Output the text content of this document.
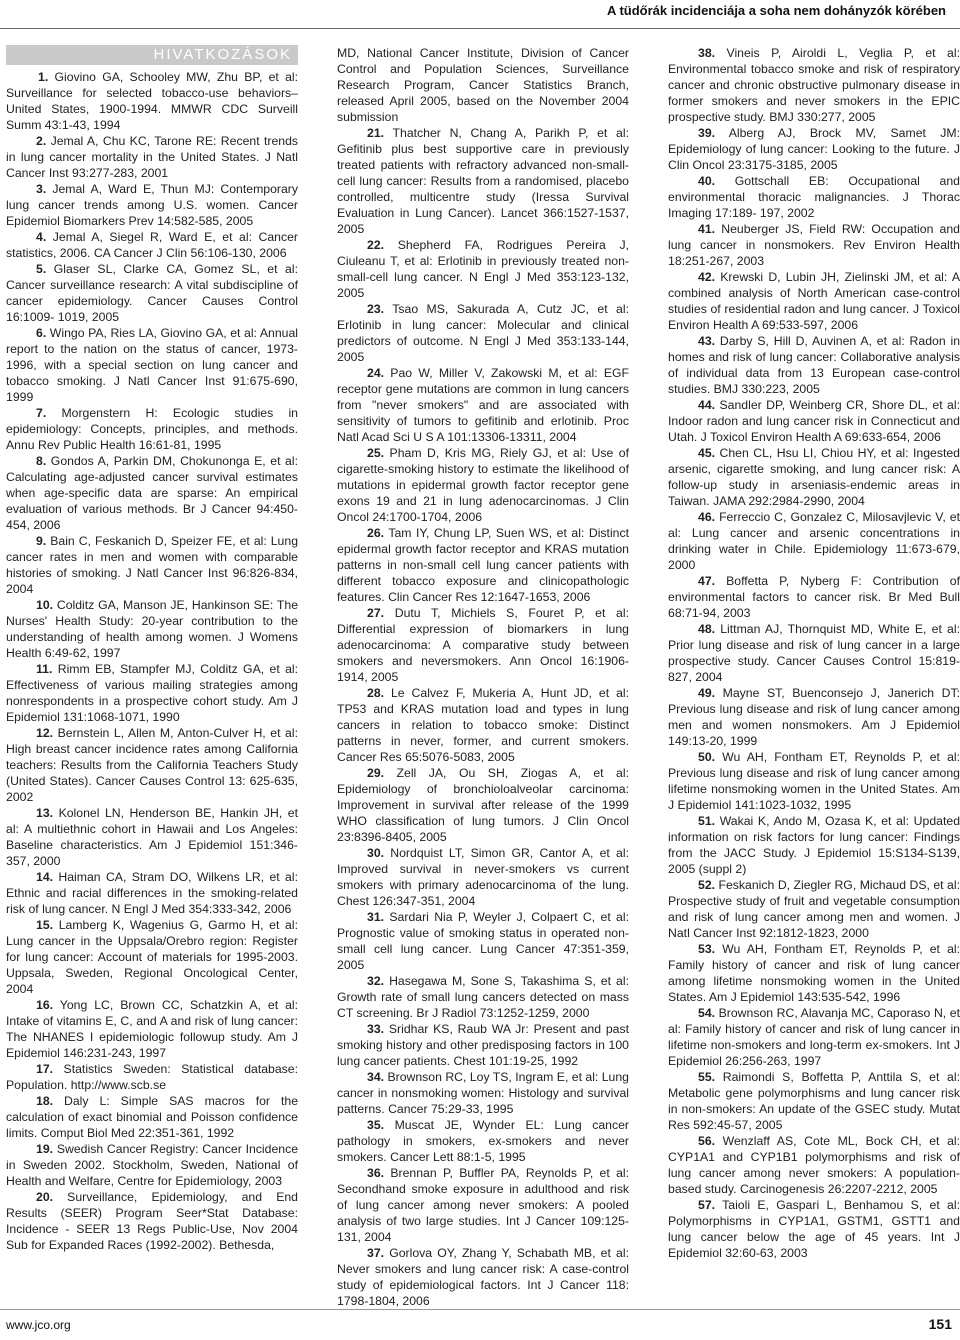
A tüdőrák incidenciája a soha nem dohányzók körében
HIVATKOZÁSOK

1. Giovino GA, Schooley MW, Zhu BP, et al: Surveillance for selected tobacco-use behaviors– United States, 1900-1994. MMWR CDC Surveill Summ 43:1-43, 1994

2. Jemal A, Chu KC, Tarone RE: Recent trends in lung cancer mortality in the United States. J Natl Cancer Inst 93:277-283, 2001

3. Jemal A, Ward E, Thun MJ: Contemporary lung cancer trends among U.S. women. Cancer Epidemiol Biomarkers Prev 14:582-585, 2005

4. Jemal A, Siegel R, Ward E, et al: Cancer statistics, 2006. CA Cancer J Clin 56:106-130, 2006

5. Glaser SL, Clarke CA, Gomez SL, et al: Cancer surveillance research: A vital subdiscipline of cancer epidemiology. Cancer Causes Control 16:1009- 1019, 2005

6. Wingo PA, Ries LA, Giovino GA, et al: Annual report to the nation on the status of cancer, 1973- 1996, with a special section on lung cancer and tobacco smoking. J Natl Cancer Inst 91:675-690, 1999

7. Morgenstern H: Ecologic studies in epidemiology: Concepts, principles, and methods. Annu Rev Public Health 16:61-81, 1995

8. Gondos A, Parkin DM, Chokunonga E, et al: Calculating age-adjusted cancer survival estimates when age-specific data are sparse: An empirical evaluation of various methods. Br J Cancer 94:450-454, 2006

9. Bain C, Feskanich D, Speizer FE, et al: Lung cancer rates in men and women with comparable histories of smoking. J Natl Cancer Inst 96:826-834, 2004

10. Colditz GA, Manson JE, Hankinson SE: The Nurses' Health Study: 20-year contribution to the understanding of health among women. J Womens Health 6:49-62, 1997

11. Rimm EB, Stampfer MJ, Colditz GA, et al: Effectiveness of various mailing strategies among nonrespondents in a prospective cohort study. Am J Epidemiol 131:1068-1071, 1990

12. Bernstein L, Allen M, Anton-Culver H, et al: High breast cancer incidence rates among California teachers: Results from the California Teachers Study (United States). Cancer Causes Control 13: 625-635, 2002

13. Kolonel LN, Henderson BE, Hankin JH, et al: A multiethnic cohort in Hawaii and Los Angeles: Baseline characteristics. Am J Epidemiol 151:346-357, 2000

14. Haiman CA, Stram DO, Wilkens LR, et al: Ethnic and racial differences in the smoking-related risk of lung cancer. N Engl J Med 354:333-342, 2006

15. Lamberg K, Wagenius G, Garmo H, et al: Lung cancer in the Uppsala/Orebro region: Register for lung cancer: Account of materials for 1995-2003. Uppsala, Sweden, Regional Oncological Center, 2004

16. Yong LC, Brown CC, Schatzkin A, et al: Intake of vitamins E, C, and A and risk of lung cancer: The NHANES I epidemiologic followup study. Am J Epidemiol 146:231-243, 1997

17. Statistics Sweden: Statistical database: Population. http://www.scb.se

18. Daly L: Simple SAS macros for the calculation of exact binomial and Poisson confidence limits. Comput Biol Med 22:351-361, 1992

19. Swedish Cancer Registry: Cancer Incidence in Sweden 2002. Stockholm, Sweden, National of Health and Welfare, Centre for Epidemiology, 2003

20. Surveillance, Epidemiology, and End Results (SEER) Program Seer*Stat Database: Incidence - SEER 13 Regs Public-Use, Nov 2004 Sub for Expanded Races (1992-2002). Bethesda,

MD, National Cancer Institute, Division of Cancer Control and Population Sciences, Surveillance Research Program, Cancer Statistics Branch, released April 2005, based on the November 2004 submission

21. Thatcher N, Chang A, Parikh P, et al: Gefitinib plus best supportive care in previously treated patients with refractory advanced non-small-cell lung cancer: Results from a randomised, placebo controlled, multicentre study (Iressa Survival Evaluation in Lung Cancer). Lancet 366:1527-1537, 2005

22. Shepherd FA, Rodrigues Pereira J, Ciuleanu T, et al: Erlotinib in previously treated non-small-cell lung cancer. N Engl J Med 353:123-132, 2005

23. Tsao MS, Sakurada A, Cutz JC, et al: Erlotinib in lung cancer: Molecular and clinical predictors of outcome. N Engl J Med 353:133-144, 2005

24. Pao W, Miller V, Zakowski M, et al: EGF receptor gene mutations are common in lung cancers from "never smokers" and are associated with sensitivity of tumors to gefitinib and erlotinib. Proc Natl Acad Sci U S A 101:13306-13311, 2004

25. Pham D, Kris MG, Riely GJ, et al: Use of cigarette-smoking history to estimate the likelihood of mutations in epidermal growth factor receptor gene exons 19 and 21 in lung adenocarcinomas. J Clin Oncol 24:1700-1704, 2006

26. Tam IY, Chung LP, Suen WS, et al: Distinct epidermal growth factor receptor and KRAS mutation patterns in non-small cell lung cancer patients with different tobacco exposure and clinicopathologic features. Clin Cancer Res 12:1647-1653, 2006

27. Dutu T, Michiels S, Fouret P, et al: Differential expression of biomarkers in lung adenocarcinoma: A comparative study between smokers and neversmokers. Ann Oncol 16:1906-1914, 2005

28. Le Calvez F, Mukeria A, Hunt JD, et al: TP53 and KRAS mutation load and types in lung cancers in relation to tobacco smoke: Distinct patterns in never, former, and current smokers. Cancer Res 65:5076-5083, 2005

29. Zell JA, Ou SH, Ziogas A, et al: Epidemiology of bronchioloalveolar carcinoma: Improvement in survival after release of the 1999 WHO classification of lung tumors. J Clin Oncol 23:8396-8405, 2005

30. Nordquist LT, Simon GR, Cantor A, et al: Improved survival in never-smokers vs current smokers with primary adenocarcinoma of the lung. Chest 126:347-351, 2004

31. Sardari Nia P, Weyler J, Colpaert C, et al: Prognostic value of smoking status in operated non-small cell lung cancer. Lung Cancer 47:351-359, 2005

32. Hasegawa M, Sone S, Takashima S, et al: Growth rate of small lung cancers detected on mass CT screening. Br J Radiol 73:1252-1259, 2000

33. Sridhar KS, Raub WA Jr: Present and past smoking history and other predisposing factors in 100 lung cancer patients. Chest 101:19-25, 1992

34. Brownson RC, Loy TS, Ingram E, et al: Lung cancer in nonsmoking women: Histology and survival patterns. Cancer 75:29-33, 1995

35. Muscat JE, Wynder EL: Lung cancer pathology in smokers, ex-smokers and never smokers. Cancer Lett 88:1-5, 1995

36. Brennan P, Buffler PA, Reynolds P, et al: Secondhand smoke exposure in adulthood and risk of lung cancer among never smokers: A pooled analysis of two large studies. Int J Cancer 109:125-131, 2004

37. Gorlova OY, Zhang Y, Schabath MB, et al: Never smokers and lung cancer risk: A case-control study of epidemiological factors. Int J Cancer 118: 1798-1804, 2006

38. Vineis P, Airoldi L, Veglia P, et al: Environmental tobacco smoke and risk of respiratory cancer and chronic obstructive pulmonary disease in former smokers and never smokers in the EPIC prospective study. BMJ 330:277, 2005

39. Alberg AJ, Brock MV, Samet JM: Epidemiology of lung cancer: Looking to the future. J Clin Oncol 23:3175-3185, 2005

40. Gottschall EB: Occupational and environmental thoracic malignancies. J Thorac Imaging 17:189- 197, 2002

41. Neuberger JS, Field RW: Occupation and lung cancer in nonsmokers. Rev Environ Health 18:251-267, 2003

42. Krewski D, Lubin JH, Zielinski JM, et al: A combined analysis of North American case-control studies of residential radon and lung cancer. J Toxicol Environ Health A 69:533-597, 2006

43. Darby S, Hill D, Auvinen A, et al: Radon in homes and risk of lung cancer: Collaborative analysis of individual data from 13 European case-control studies. BMJ 330:223, 2005

44. Sandler DP, Weinberg CR, Shore DL, et al: Indoor radon and lung cancer risk in Connecticut and Utah. J Toxicol Environ Health A 69:633-654, 2006

45. Chen CL, Hsu LI, Chiou HY, et al: Ingested arsenic, cigarette smoking, and lung cancer risk: A follow-up study in arseniasis-endemic areas in Taiwan. JAMA 292:2984-2990, 2004

46. Ferreccio C, Gonzalez C, Milosavjlevic V, et al: Lung cancer and arsenic concentrations in drinking water in Chile. Epidemiology 11:673-679, 2000

47. Boffetta P, Nyberg F: Contribution of environmental factors to cancer risk. Br Med Bull 68:71-94, 2003

48. Littman AJ, Thornquist MD, White E, et al: Prior lung disease and risk of lung cancer in a large prospective study. Cancer Causes Control 15:819-827, 2004

49. Mayne ST, Buenconsejo J, Janerich DT: Previous lung disease and risk of lung cancer among men and women nonsmokers. Am J Epidemiol 149:13-20, 1999

50. Wu AH, Fontham ET, Reynolds P, et al: Previous lung disease and risk of lung cancer among lifetime nonsmoking women in the United States. Am J Epidemiol 141:1023-1032, 1995

51. Wakai K, Ando M, Ozasa K, et al: Updated information on risk factors for lung cancer: Findings from the JACC Study. J Epidemiol 15:S134-S139, 2005 (suppl 2)

52. Feskanich D, Ziegler RG, Michaud DS, et al: Prospective study of fruit and vegetable consumption and risk of lung cancer among men and women. J Natl Cancer Inst 92:1812-1823, 2000

53. Wu AH, Fontham ET, Reynolds P, et al: Family history of cancer and risk of lung cancer among lifetime nonsmoking women in the United States. Am J Epidemiol 143:535-542, 1996

54. Brownson RC, Alavanja MC, Caporaso N, et al: Family history of cancer and risk of lung cancer in lifetime non-smokers and long-term ex-smokers. Int J Epidemiol 26:256-263, 1997

55. Raimondi S, Boffetta P, Anttila S, et al: Metabolic gene polymorphisms and lung cancer risk in non-smokers: An update of the GSEC study. Mutat Res 592:45-57, 2005

56. Wenzlaff AS, Cote ML, Bock CH, et al: CYP1A1 and CYP1B1 polymorphisms and risk of lung cancer among never smokers: A population-based study. Carcinogenesis 26:2207-2212, 2005

57. Taioli E, Gaspari L, Benhamou S, et al: Polymorphisms in CYP1A1, GSTM1, GSTT1 and lung cancer below the age of 45 years. Int J Epidemiol 32:60-63, 2003

www.jco.org	151
